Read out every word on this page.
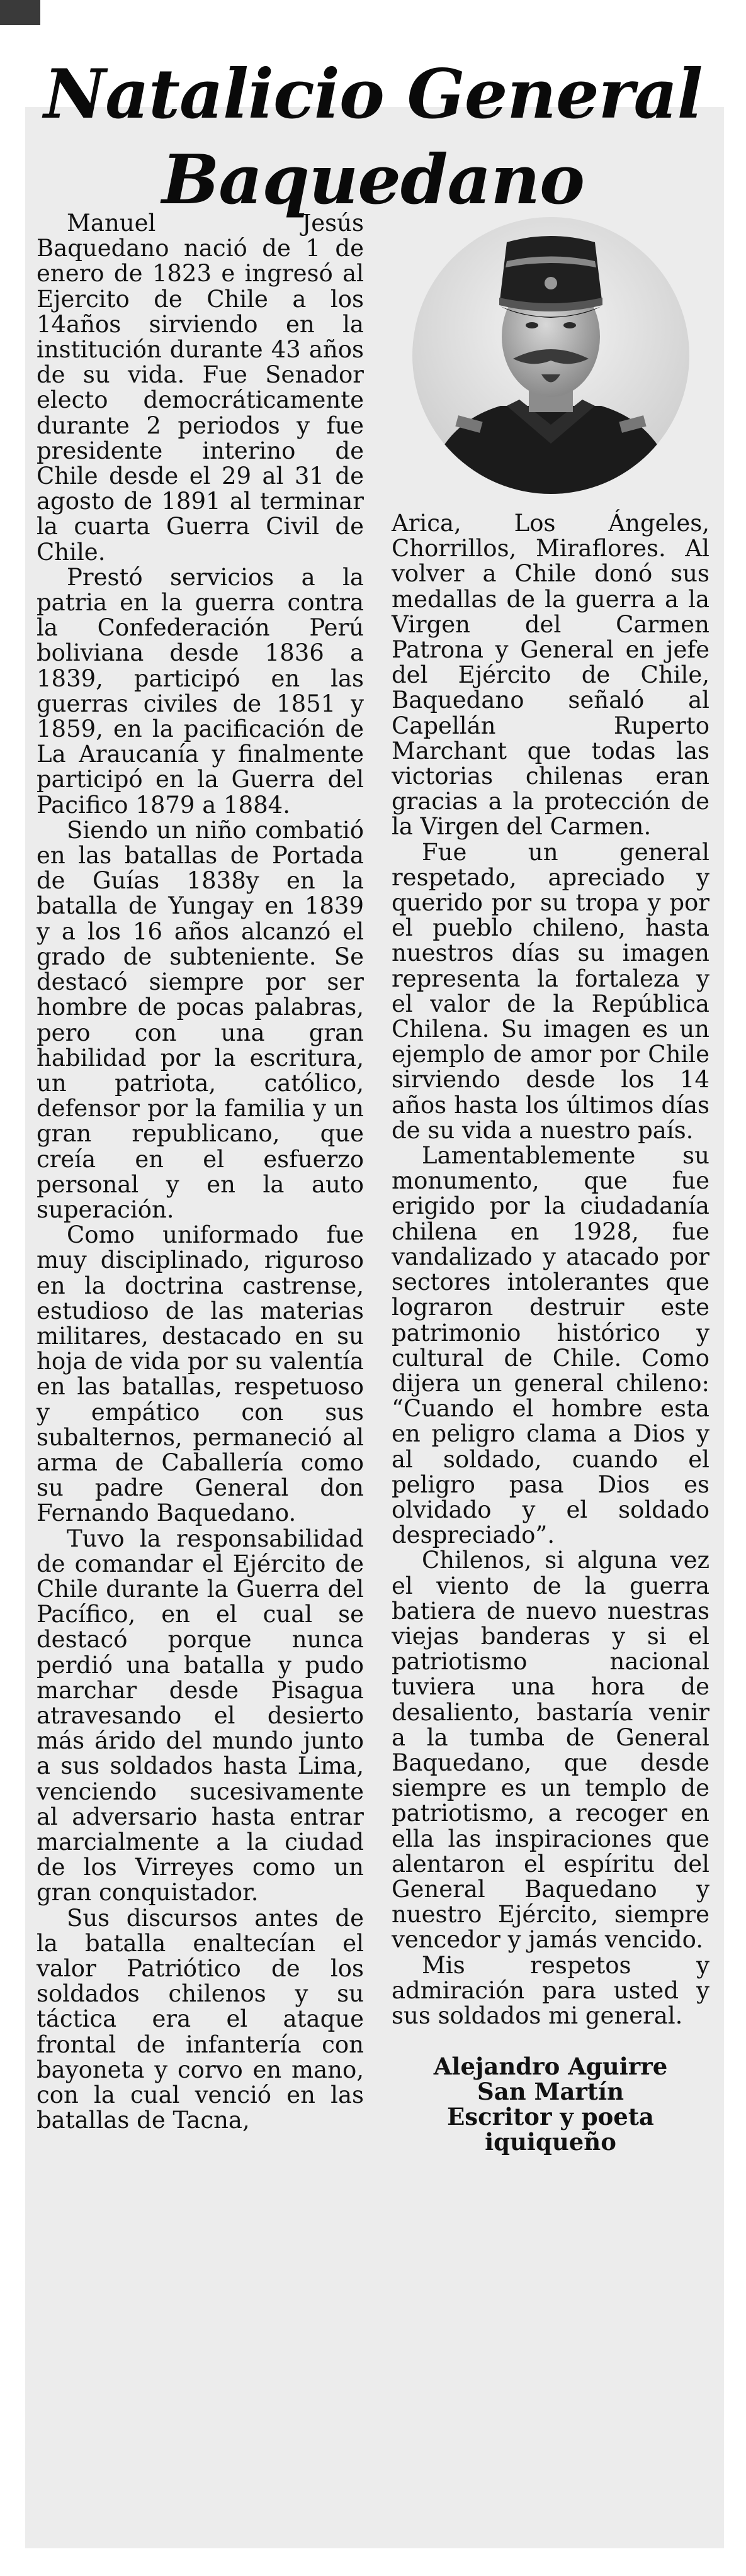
Natalicio General
Baquedano

Manuel Jesús Baquedano nació de 1 de enero de 1823 e ingresó al Ejercito de Chile a los 14años sirviendo en la institución durante 43 años de su vida. Fue Senador electo democráticamente durante 2 periodos y fue presidente interino de Chile desde el 29 al 31 de agosto de 1891 al terminar la cuarta Guerra Civil de Chile.

Prestó servicios a la patria en la guerra contra la Confederación Perú boliviana desde 1836 a 1839, participó en las guerras civiles de 1851 y 1859, en la pacificación de La Araucanía y finalmente participó en la Guerra del Pacifico 1879 a 1884.

Siendo un niño combatió en las batallas de Portada de Guías 1838y en la batalla de Yungay en 1839 y a los 16 años alcanzó el grado de subteniente. Se destacó siempre por ser hombre de pocas palabras, pero con una gran habilidad por la escritura, un patriota, católico, defensor por la familia y un gran republicano, que creía en el esfuerzo personal y en la auto superación.

Como uniformado fue muy disciplinado, riguroso en la doctrina castrense, estudioso de las materias militares, destacado en su hoja de vida por su valentía en las batallas, respetuoso y empático con sus subalternos, permaneció al arma de Caballería como su padre General don Fernando Baquedano.

Tuvo la responsabilidad de comandar el Ejército de Chile durante la Guerra del Pacífico, en el cual se destacó porque nunca perdió una batalla y pudo marchar desde Pisagua atravesando el desierto más árido del mundo junto a sus soldados hasta Lima, venciendo sucesivamente al adversario hasta entrar marcialmente a la ciudad de los Virreyes como un gran conquistador.

Sus discursos antes de la batalla enaltecían el valor Patriótico de los soldados chilenos y su táctica era el ataque frontal de infantería con bayoneta y corvo en mano, con la cual venció en las batallas de Tacna,

Arica, Los Ángeles, Chorrillos, Miraflores. Al volver a Chile donó sus medallas de la guerra a la Virgen del Carmen Patrona y General en jefe del Ejército de Chile, Baquedano señaló al Capellán Ruperto Marchant que todas las victorias chilenas eran gracias a la protección de la Virgen del Carmen.

Fue un general respetado, apreciado y querido por su tropa y por el pueblo chileno, hasta nuestros días su imagen representa la fortaleza y el valor de la República Chilena. Su imagen es un ejemplo de amor por Chile sirviendo desde los 14 años hasta los últimos días de su vida a nuestro país.

Lamentablemente su monumento, que fue erigido por la ciudadanía chilena en 1928, fue vandalizado y atacado por sectores intolerantes que lograron destruir este patrimonio histórico y cultural de Chile. Como dijera un general chileno: “Cuando el hombre esta en peligro clama a Dios y al soldado, cuando el peligro pasa Dios es olvidado y el soldado despreciado”.

Chilenos, si alguna vez el viento de la guerra batiera de nuevo nuestras viejas banderas y si el patriotismo nacional tuviera una hora de desaliento, bastaría venir a la tumba de General Baquedano, que desde siempre es un templo de patriotismo, a recoger en ella las inspiraciones que alentaron el espíritu del General Baquedano y nuestro Ejército, siempre vencedor y jamás vencido.

Mis respetos y admiración para usted y sus soldados mi general.

Alejandro Aguirre
San Martín
Escritor y poeta
iquiqueño
